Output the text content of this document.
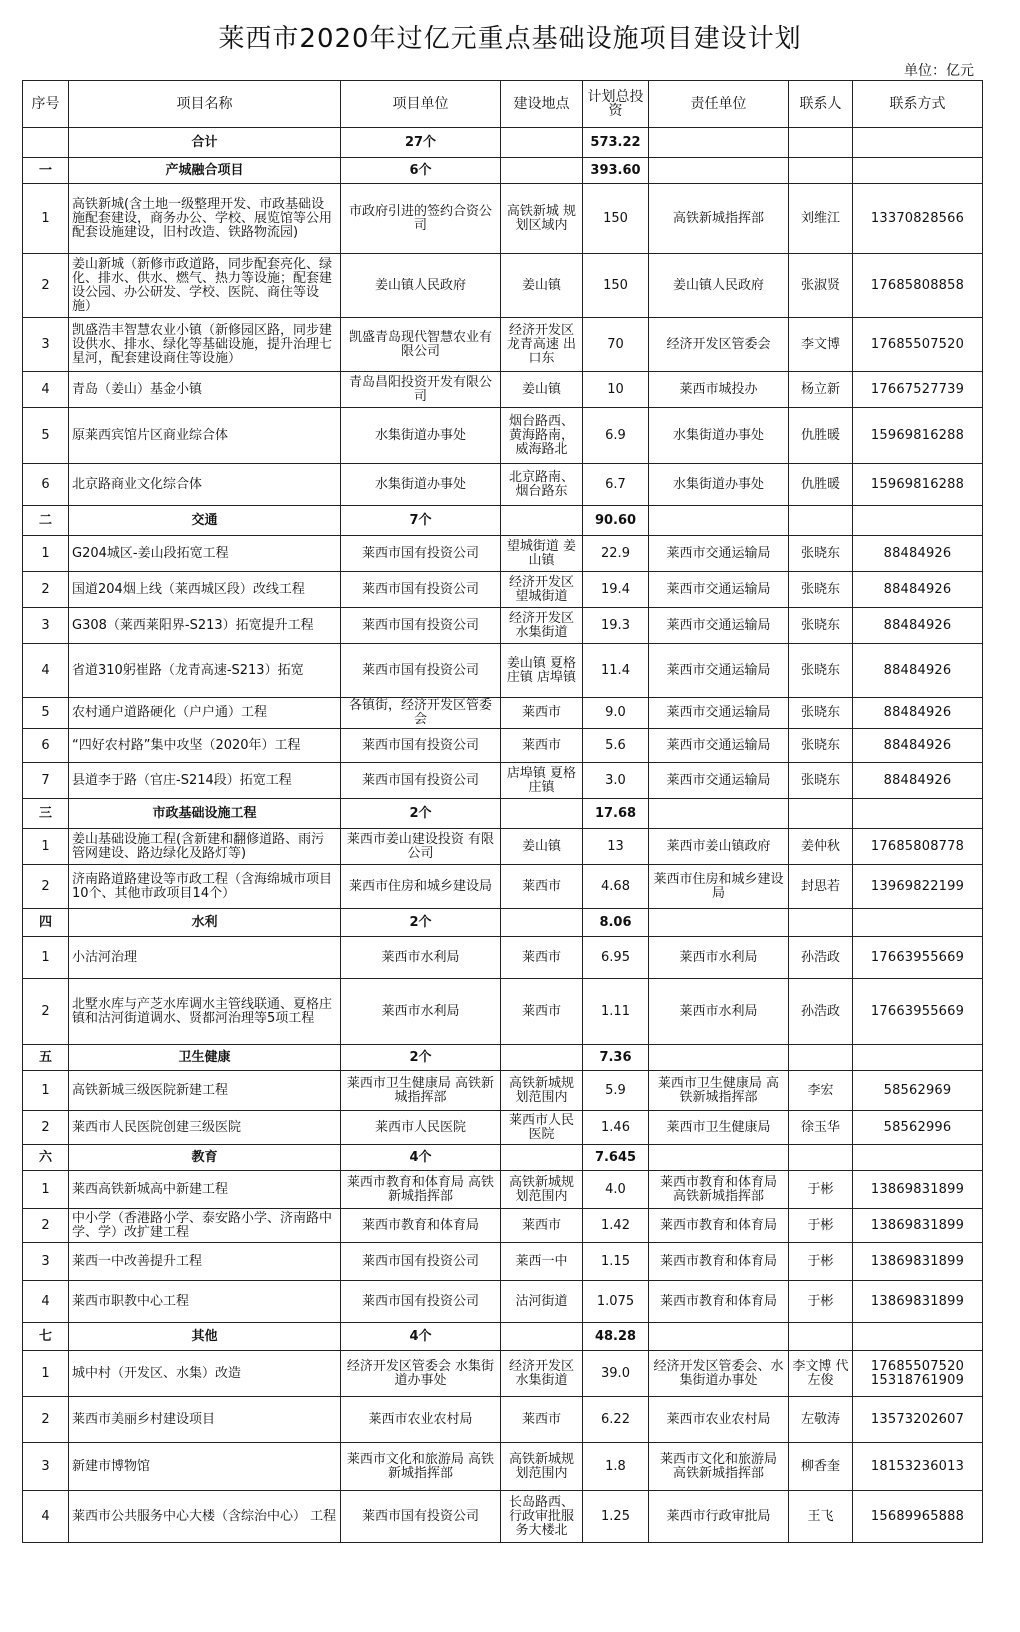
莱西市2020年过亿元重点基础设施项目建设计划
单位：亿元
序号	项目名称	项目单位	建设地点	计划总投资	责任单位	联系人	联系方式
	合计	27个		573.22			
一	产城融合项目	6个		393.60			
1	高铁新城(含土地一级整理开发、市政基础设施配套建设，商务办公、学校、展览馆等公用配套设施建设，旧村改造、铁路物流园)	市政府引进的签约合资公司	高铁新城 规划区域内	150	高铁新城指挥部	刘维江	13370828566
2	姜山新城（新修市政道路，同步配套亮化、绿化、排水、供水、燃气、热力等设施；配套建设公园、办公研发、学校、医院、商住等设施）	姜山镇人民政府	姜山镇	150	姜山镇人民政府	张淑贤	17685808858
3	凯盛浩丰智慧农业小镇（新修园区路，同步建设供水、排水、绿化等基础设施，提升治理七星河，配套建设商住等设施）	凯盛青岛现代智慧农业有限公司	经济开发区龙青高速 出口东	70	经济开发区管委会	李文博	17685507520
4	青岛（姜山）基金小镇	青岛昌阳投资开发有限公司	姜山镇	10	莱西市城投办	杨立新	17667527739
5	原莱西宾馆片区商业综合体	水集街道办事处	烟台路西、黄海路南，威海路北	6.9	水集街道办事处	仇胜暖	15969816288
6	北京路商业文化综合体	水集街道办事处	北京路南、烟台路东	6.7	水集街道办事处	仇胜暖	15969816288
二	交通	7个		90.60			
1	G204城区-姜山段拓宽工程	莱西市国有投资公司	望城街道 姜山镇	22.9	莱西市交通运输局	张晓东	88484926
2	国道204烟上线（莱西城区段）改线工程	莱西市国有投资公司	经济开发区望城街道	19.4	莱西市交通运输局	张晓东	88484926
3	G308（莱西莱阳界-S213）拓宽提升工程	莱西市国有投资公司	经济开发区水集街道	19.3	莱西市交通运输局	张晓东	88484926
4	省道310躬崔路（龙青高速-S213）拓宽	莱西市国有投资公司	姜山镇 夏格庄镇 店埠镇	11.4	莱西市交通运输局	张晓东	88484926
5	农村通户道路硬化（户户通）工程	各镇街，经济开发区管委会	莱西市	9.0	莱西市交通运输局	张晓东	88484926
6	“四好农村路”集中攻坚（2020年）工程	莱西市国有投资公司	莱西市	5.6	莱西市交通运输局	张晓东	88484926
7	县道李于路（官庄-S214段）拓宽工程	莱西市国有投资公司	店埠镇 夏格庄镇	3.0	莱西市交通运输局	张晓东	88484926
三	市政基础设施工程	2个		17.68			
1	姜山基础设施工程(含新建和翻修道路、雨污管网建设、路边绿化及路灯等)	莱西市姜山建设投资 有限公司	姜山镇	13	莱西市姜山镇政府	姜仲秋	17685808778
2	济南路道路建设等市政工程（含海绵城市项目10个、其他市政项目14个）	莱西市住房和城乡建设局	莱西市	4.68	莱西市住房和城乡建设局	封思若	13969822199
四	水利	2个		8.06			
1	小沽河治理	莱西市水利局	莱西市	6.95	莱西市水利局	孙浩政	17663955669
2	北墅水库与产芝水库调水主管线联通、夏格庄镇和沽河街道调水、贤都河治理等5项工程	莱西市水利局	莱西市	1.11	莱西市水利局	孙浩政	17663955669
五	卫生健康	2个		7.36			
1	高铁新城三级医院新建工程	莱西市卫生健康局 高铁新城指挥部	高铁新城规划范围内	5.9	莱西市卫生健康局 高铁新城指挥部	李宏	58562969
2	莱西市人民医院创建三级医院	莱西市人民医院	莱西市人民医院	1.46	莱西市卫生健康局	徐玉华	58562996
六	教育	4个		7.645			
1	莱西高铁新城高中新建工程	莱西市教育和体育局 高铁新城指挥部	高铁新城规划范围内	4.0	莱西市教育和体育局 高铁新城指挥部	于彬	13869831899
2	中小学（香港路小学、泰安路小学、济南路中学、学）改扩建工程	莱西市教育和体育局	莱西市	1.42	莱西市教育和体育局	于彬	13869831899
3	莱西一中改善提升工程	莱西市国有投资公司	莱西一中	1.15	莱西市教育和体育局	于彬	13869831899
4	莱西市职教中心工程	莱西市国有投资公司	沽河街道	1.075	莱西市教育和体育局	于彬	13869831899
七	其他	4个		48.28			
1	城中村（开发区、水集）改造	经济开发区管委会 水集街道办事处	经济开发区水集街道	39.0	经济开发区管委会、水集街道办事处	李文博 代左俊	17685507520 15318761909
2	莱西市美丽乡村建设项目	莱西市农业农村局	莱西市	6.22	莱西市农业农村局	左敬涛	13573202607
3	新建市博物馆	莱西市文化和旅游局 高铁新城指挥部	高铁新城规划范围内	1.8	莱西市文化和旅游局 高铁新城指挥部	柳香奎	18153236013
4	莱西市公共服务中心大楼（含综治中心） 工程	莱西市国有投资公司	长岛路西、行政审批服务大楼北	1.25	莱西市行政审批局	王飞	15689965888
